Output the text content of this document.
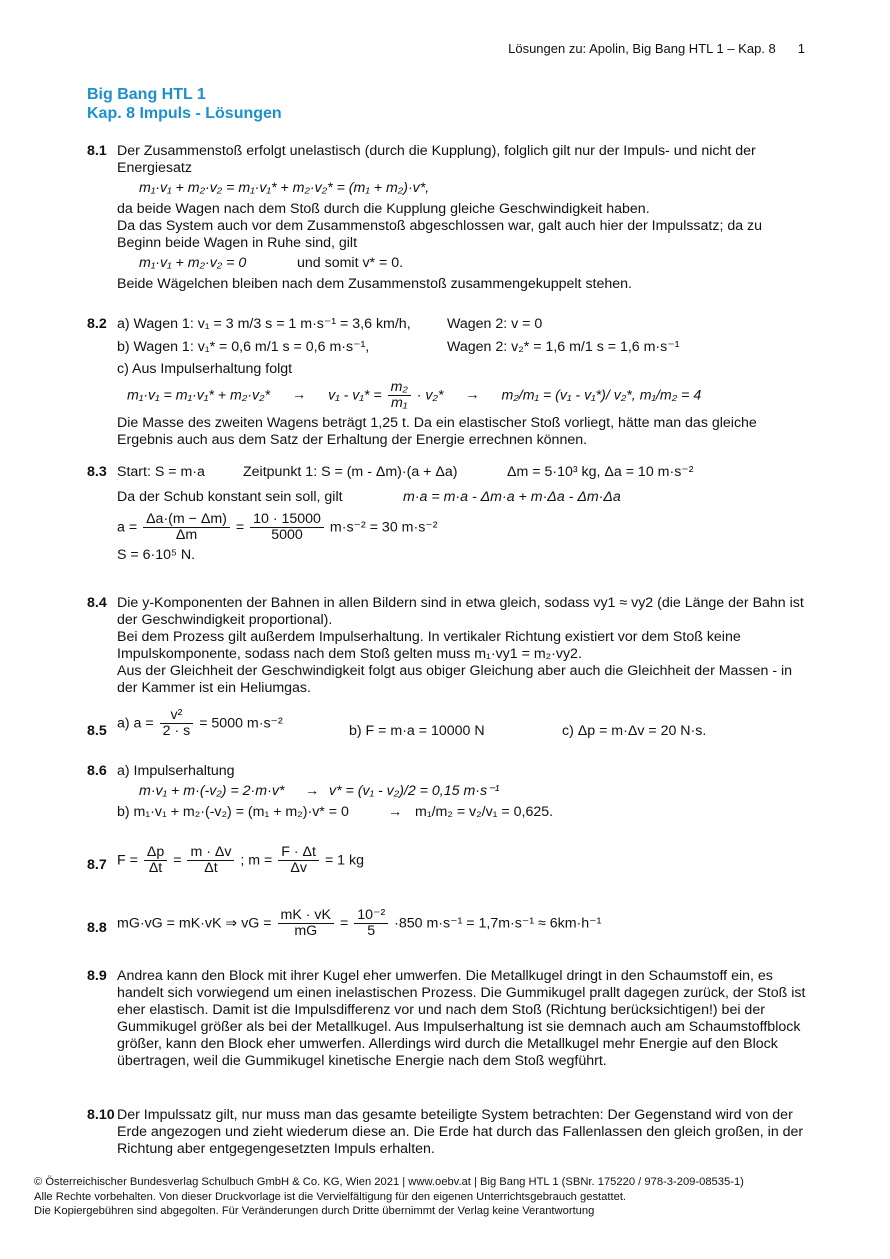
Lösungen zu: Apolin, Big Bang HTL 1 – Kap. 8 1
Big Bang HTL 1
Kap. 8 Impuls - Lösungen
8.1 Der Zusammenstoß erfolgt unelastisch (durch die Kupplung), folglich gilt nur der Impuls- und nicht der Energiesatz
m₁·v₁ + m₂·v₂ = m₁·v₁* + m₂·v₂* = (m₁ + m₂)·v*,
da beide Wagen nach dem Stoß durch die Kupplung gleiche Geschwindigkeit haben.
Da das System auch vor dem Zusammenstoß abgeschlossen war, galt auch hier der Impulssatz; da zu Beginn beide Wagen in Ruhe sind, gilt
m₁·v₁ + m₂·v₂ = 0	und somit v* = 0.
Beide Wägelchen bleiben nach dem Zusammenstoß zusammengekuppelt stehen.
8.2 a) Wagen 1: v₁ = 3 m/3 s = 1 m·s⁻¹ = 3,6 km/h,	Wagen 2: v = 0
b) Wagen 1: v₁* = 0,6 m/1 s = 0,6 m·s⁻¹,	Wagen 2: v₂* = 1,6 m/1 s = 1,6 m·s⁻¹
c) Aus Impulserhaltung folgt
$m_1\cdot v_1 = m_1\cdot v_1* + m_2\cdot v_2* \to v_1 - v_1* = \frac{\text{m₂}}{\text{m₁}} \cdot v_2* \to m_2/m_1 = (v_1 - v_1*)/$ v₂*, m₁/m₂ = 4
Die Masse des zweiten Wagens beträgt 1,25 t. Da ein elastischer Stoß vorliegt, hätte man das gleiche Ergebnis auch aus dem Satz der Erhaltung der Energie errechnen können.
8.3 Start: S = m·a	Zeitpunkt 1: S = (m - Δm)·(a + Δa)	Δm = 5·10³ kg, Δa = 10 m·s⁻²
Da der Schub konstant sein soll, gilt	m·a = m·a - Δm·a + m·Δa - Δm·Δa
$a = \frac{\Delta a\cdot(m - \Delta m)}{\Delta m} = \frac{10 \cdot 15000}{5000} m\cdot s^{-2} = 30$ m·s⁻²
S = 6·10⁵ N.
8.4 Die y-Komponenten der Bahnen in allen Bildern sind in etwa gleich, sodass vy1 ≈ vy2 (die Länge der Bahn ist der Geschwindigkeit proportional).
Bei dem Prozess gilt außerdem Impulserhaltung. In vertikaler Richtung existiert vor dem Stoß keine Impulskomponente, sodass nach dem Stoß gelten muss m₁·vy1 = m₂·vy2.
Aus der Gleichheit der Geschwindigkeit folgt aus obiger Gleichung aber auch die Gleichheit der Massen - in der Kammer ist ein Heliumgas.
8.5 a) $a = \frac{\text{v²}}{2 \cdot s} = 5000$ m·s⁻²	b) F = m·a = 10000 N	c) Δp = m·Δv = 20 N·s.
8.6 a) Impulserhaltung
m·v₁ + m·(-v₂) = 2·m·v* → v* = (v₁ - v₂)/2 = 0,15 m·s⁻¹
b) m₁·v₁ + m₂·(-v₂) = (m₁ + m₂)·v* = 0	→ m₁/m₂ = v₂/v₁ = 0,625.
8.7 $F = \frac{\Delta p}{\Delta t} = \frac{m \cdot \Delta v}{\Delta t}$ ; $m = \frac{F \cdot \Delta t}{\Delta v} = 1$ kg
8.8 mG·vG = mK·vK ⇒ vG = $\frac{mK \cdot vK}{mG} = \frac{\text{10⁻²}}{5} \cdot 850$ m·s⁻¹ = 1,7m·s⁻¹ ≈ 6km·h⁻¹
8.9 Andrea kann den Block mit ihrer Kugel eher umwerfen. Die Metallkugel dringt in den Schaumstoff ein, es handelt sich vorwiegend um einen inelastischen Prozess. Die Gummikugel prallt dagegen zurück, der Stoß ist eher elastisch. Damit ist die Impulsdifferenz vor und nach dem Stoß (Richtung berücksichtigen!) bei der Gummikugel größer als bei der Metallkugel. Aus Impulserhaltung ist sie demnach auch am Schaumstoffblock größer, kann den Block eher umwerfen. Allerdings wird durch die Metallkugel mehr Energie auf den Block übertragen, weil die Gummikugel kinetische Energie nach dem Stoß wegführt.
8.10 Der Impulssatz gilt, nur muss man das gesamte beteiligte System betrachten: Der Gegenstand wird von der Erde angezogen und zieht wiederum diese an. Die Erde hat durch das Fallenlassen den gleich großen, in der Richtung aber entgegengesetzten Impuls erhalten.
© Österreichischer Bundesverlag Schulbuch GmbH & Co. KG, Wien 2021 | www.oebv.at | Big Bang HTL 1 (SBNr. 175220 / 978-3-209-08535-1)
Alle Rechte vorbehalten. Von dieser Druckvorlage ist die Vervielfältigung für den eigenen Unterrichtsgebrauch gestattet.
Die Kopiergebühren sind abgegolten. Für Veränderungen durch Dritte übernimmt der Verlag keine Verantwortung
